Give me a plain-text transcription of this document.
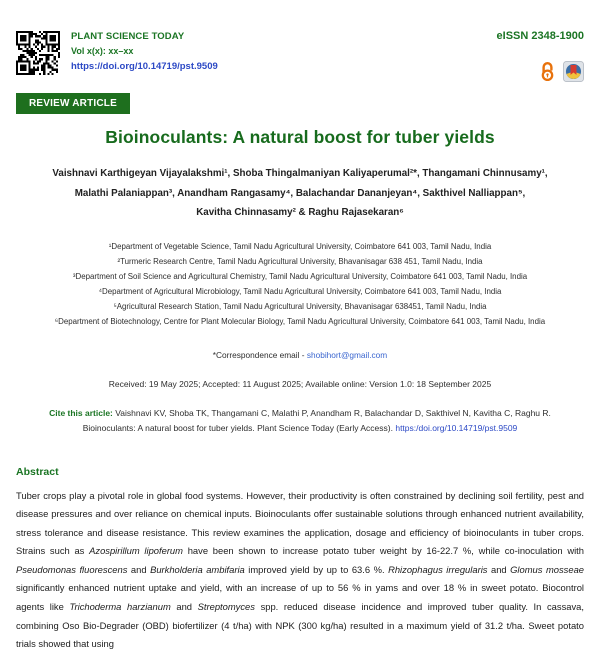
PLANT SCIENCE TODAY
Vol x(x): xx–xx
https://doi.org/10.14719/pst.9509
eISSN 2348-1900
REVIEW ARTICLE
Bioinoculants: A natural boost for tuber yields
Vaishnavi Karthigeyan Vijayalakshmi¹, Shoba Thingalmaniyan Kaliyaperumal²*, Thangamani Chinnusamy¹,
Malathi Palaniappan³, Anandham Rangasamy⁴, Balachandar Dananjeyan⁴, Sakthivel Nalliappan⁵,
Kavitha Chinnasamy² & Raghu Rajasekaran⁶
¹Department of Vegetable Science, Tamil Nadu Agricultural University, Coimbatore 641 003, Tamil Nadu, India
²Turmeric Research Centre, Tamil Nadu Agricultural University, Bhavanisagar 638 451, Tamil Nadu, India
³Department of Soil Science and Agricultural Chemistry, Tamil Nadu Agricultural University, Coimbatore 641 003, Tamil Nadu, India
⁴Department of Agricultural Microbiology, Tamil Nadu Agricultural University, Coimbatore 641 003, Tamil Nadu, India
⁵Agricultural Research Station, Tamil Nadu Agricultural University, Bhavanisagar 638451, Tamil Nadu, India
⁶Department of Biotechnology, Centre for Plant Molecular Biology, Tamil Nadu Agricultural University, Coimbatore 641 003, Tamil Nadu, India
*Correspondence email - shobihort@gmail.com
Received: 19 May 2025; Accepted: 11 August 2025; Available online: Version 1.0: 18 September 2025
Cite this article: Vaishnavi KV, Shoba TK, Thangamani C, Malathi P, Anandham R, Balachandar D, Sakthivel N, Kavitha C, Raghu R. Bioinoculants: A natural boost for tuber yields. Plant Science Today (Early Access). https:/doi.org/10.14719/pst.9509
Abstract
Tuber crops play a pivotal role in global food systems. However, their productivity is often constrained by declining soil fertility, pest and disease pressures and over reliance on chemical inputs. Bioinoculants offer sustainable solutions through enhanced nutrient availability, stress tolerance and disease resistance. This review examines the application, dosage and efficiency of bioinoculants in tuber crops. Strains such as Azospirillum lipoferum have been shown to increase potato tuber weight by 16-22.7 %, while co-inoculation with Pseudomonas fluorescens and Burkholderia ambifaria improved yield by up to 63.6 %. Rhizophagus irregularis and Glomus mosseae significantly enhanced nutrient uptake and yield, with an increase of up to 56 % in yams and over 18 % in sweet potato. Biocontrol agents like Trichoderma harzianum and Streptomyces spp. reduced disease incidence and improved tuber quality. In cassava, combining Oso Bio-Degrader (OBD) biofertilizer (4 t/ha) with NPK (300 kg/ha) resulted in a maximum yield of 31.2 t/ha. Sweet potato trials showed that using
